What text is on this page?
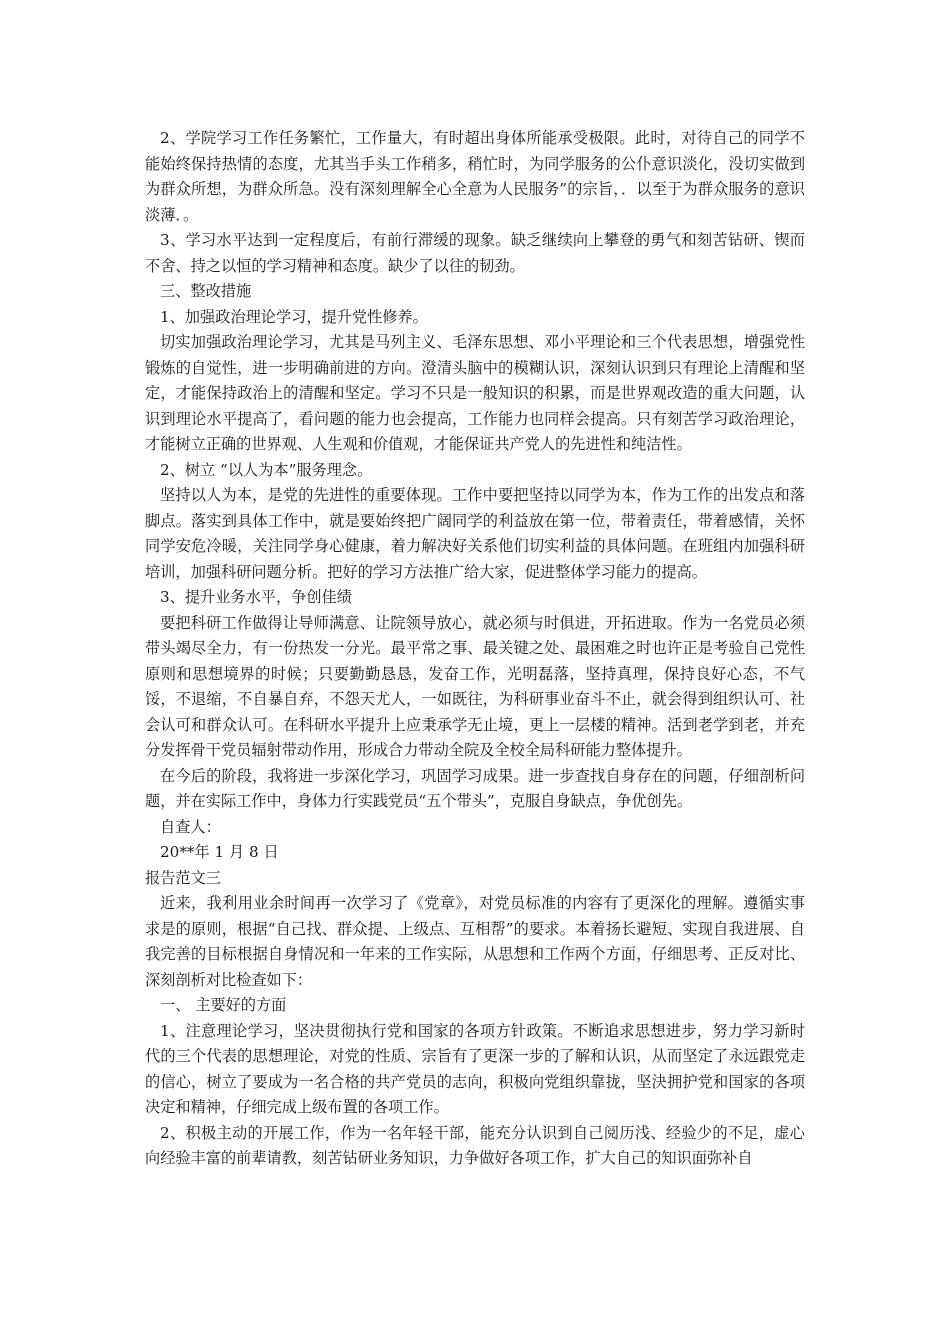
2、学院学习工作任务繁忙，工作量大，有时超出身体所能承受极限。此时，对待自己的同学不能始终保持热情的态度，尤其当手头工作稍多，稍忙时，为同学服务的公仆意识淡化，没切实做到为群众所想，为群众所急。没有深刻理解全心全意为人民服务”的宗旨，．以至于为群众服务的意识淡薄．。

3、学习水平达到一定程度后，有前行滞缓的现象。缺乏继续向上攀登的勇气和刻苦钻研、锲而不舍、持之以恒的学习精神和态度。缺少了以往的韧劲。

三、整改措施

1、加强政治理论学习，提升党性修养。

切实加强政治理论学习，尤其是马列主义、毛泽东思想、邓小平理论和三个代表思想，增强党性锻炼的自觉性，进一步明确前进的方向。澄清头脑中的模糊认识，深刻认识到只有理论上清醒和坚定，才能保持政治上的清醒和坚定。学习不只是一般知识的积累，而是世界观改造的重大问题，认识到理论水平提高了，看问题的能力也会提高，工作能力也同样会提高。只有刻苦学习政治理论，才能树立正确的世界观、人生观和价值观，才能保证共产党人的先进性和纯洁性。

2、树立 “以人为本”服务理念。

坚持以人为本，是党的先进性的重要体现。工作中要把坚持以同学为本，作为工作的出发点和落脚点。落实到具体工作中，就是要始终把广阔同学的利益放在第一位，带着责任，带着感情，关怀同学安危冷暖，关注同学身心健康，着力解决好关系他们切实利益的具体问题。在班组内加强科研培训，加强科研问题分析。把好的学习方法推广给大家，促进整体学习能力的提高。

3、提升业务水平，争创佳绩

要把科研工作做得让导师满意、让院领导放心，就必须与时俱进，开拓进取。作为一名党员必须带头竭尽全力，有一份热发一分光。最平常之事、最关键之处、最困难之时也许正是考验自己党性原则和思想境界的时候；只要勤勤恳恳，发奋工作，光明磊落，坚持真理，保持良好心态，不气馁，不退缩，不自暴自弃，不怨天尤人，一如既往，为科研事业奋斗不止，就会得到组织认可、社会认可和群众认可。在科研水平提升上应秉承学无止境，更上一层楼的精神。活到老学到老，并充分发挥骨干党员辐射带动作用，形成合力带动全院及全校全局科研能力整体提升。

在今后的阶段，我将进一步深化学习，巩固学习成果。进一步查找自身存在的问题，仔细剖析问题，并在实际工作中，身体力行实践党员“五个带头”，克服自身缺点，争优创先。

自查人：

20**年 1 月 8 日

报告范文三

近来，我利用业余时间再一次学习了《党章》，对党员标准的内容有了更深化的理解。遵循实事求是的原则，根据“自己找、群众提、上级点、互相帮”的要求。本着扬长避短、实现自我进展、自我完善的目标根据自身情况和一年来的工作实际，从思想和工作两个方面，仔细思考、正反对比、深刻剖析对比检查如下：

一、 主要好的方面

1、注意理论学习，坚决贯彻执行党和国家的各项方针政策。不断追求思想进步，努力学习新时代的三个代表的思想理论，对党的性质、宗旨有了更深一步的了解和认识，从而坚定了永远跟党走的信心，树立了要成为一名合格的共产党员的志向，积极向党组织靠拢，坚決拥护党和国家的各项决定和精神，仔细完成上级布置的各项工作。

2、积极主动的开展工作，作为一名年轻干部，能充分认识到自己阅历浅、经验少的不足，虚心向经验丰富的前辈请教，刻苦钻研业务知识，力争做好各项工作，扩大自己的知识面弥补自
